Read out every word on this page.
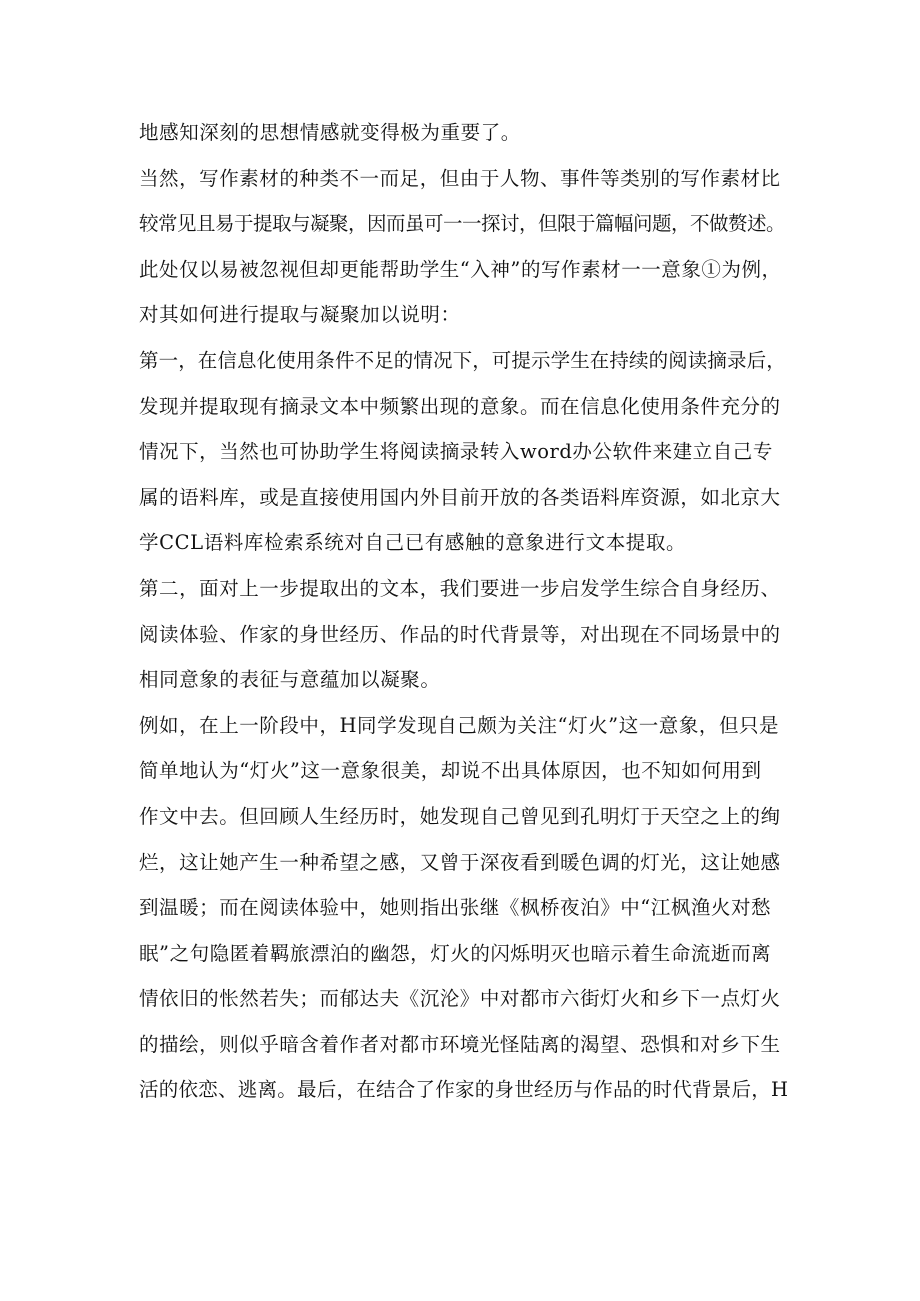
地感知深刻的思想情感就变得极为重要了。
当然，写作素材的种类不一而足，但由于人物、事件等类别的写作素材比
较常见且易于提取与凝聚，因而虽可一一探讨，但限于篇幅问题，不做赘述。
此处仅以易被忽视但却更能帮助学生“入神”的写作素材一一意象①为例，
对其如何进行提取与凝聚加以说明：
第一，在信息化使用条件不足的情况下，可提示学生在持续的阅读摘录后，
发现并提取现有摘录文本中频繁出现的意象。而在信息化使用条件充分的
情况下，当然也可协助学生将阅读摘录转入word办公软件来建立自己专
属的语料库，或是直接使用国内外目前开放的各类语料库资源，如北京大
学CCL语料库检索系统对自己已有感触的意象进行文本提取。
第二，面对上一步提取出的文本，我们要进一步启发学生综合自身经历、
阅读体验、作家的身世经历、作品的时代背景等，对出现在不同场景中的
相同意象的表征与意蕴加以凝聚。
例如，在上一阶段中，H同学发现自己颇为关注“灯火”这一意象，但只是
简单地认为“灯火”这一意象很美，却说不出具体原因，也不知如何用到
作文中去。但回顾人生经历时，她发现自己曾见到孔明灯于天空之上的绚
烂，这让她产生一种希望之感，又曾于深夜看到暖色调的灯光，这让她感
到温暖；而在阅读体验中，她则指出张继《枫桥夜泊》中“江枫渔火对愁
眠”之句隐匿着羁旅漂泊的幽怨，灯火的闪烁明灭也暗示着生命流逝而离
情依旧的怅然若失；而郁达夫《沉沦》中对都市六街灯火和乡下一点灯火
的描绘，则似乎暗含着作者对都市环境光怪陆离的渴望、恐惧和对乡下生
活的依恋、逃离。最后，在结合了作家的身世经历与作品的时代背景后，H
